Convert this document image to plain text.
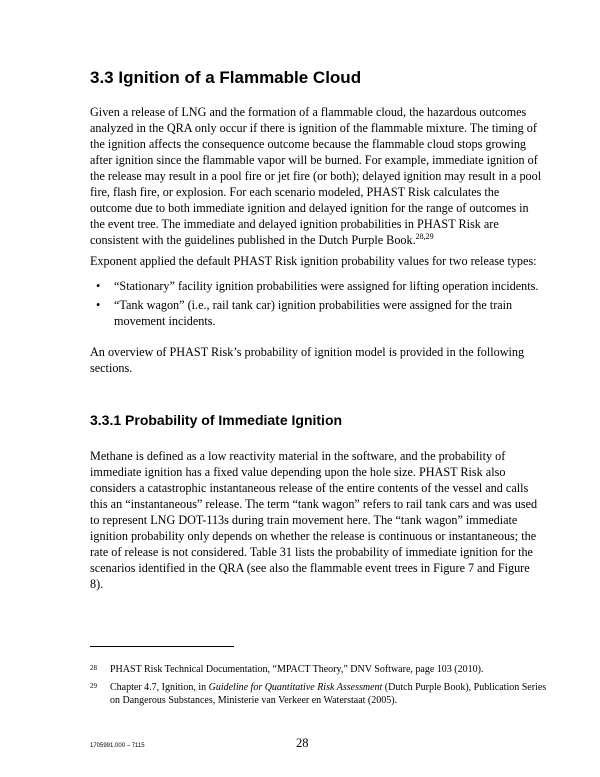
3.3 Ignition of a Flammable Cloud

Given a release of LNG and the formation of a flammable cloud, the hazardous outcomes analyzed in the QRA only occur if there is ignition of the flammable mixture. The timing of the ignition affects the consequence outcome because the flammable cloud stops growing after ignition since the flammable vapor will be burned. For example, immediate ignition of the release may result in a pool fire or jet fire (or both); delayed ignition may result in a pool fire, flash fire, or explosion. For each scenario modeled, PHAST Risk calculates the outcome due to both immediate ignition and delayed ignition for the range of outcomes in the event tree. The immediate and delayed ignition probabilities in PHAST Risk are consistent with the guidelines published in the Dutch Purple Book.$^{28,29}$

Exponent applied the default PHAST Risk ignition probability values for two release types:

• “Stationary” facility ignition probabilities were assigned for lifting operation incidents.
• “Tank wagon” (i.e., rail tank car) ignition probabilities were assigned for the train movement incidents.

An overview of PHAST Risk’s probability of ignition model is provided in the following sections.

3.3.1 Probability of Immediate Ignition

Methane is defined as a low reactivity material in the software, and the probability of immediate ignition has a fixed value depending upon the hole size. PHAST Risk also considers a catastrophic instantaneous release of the entire contents of the vessel and calls this an “instantaneous” release. The term “tank wagon” refers to rail tank cars and was used to represent LNG DOT-113s during train movement here. The “tank wagon” immediate ignition probability only depends on whether the release is continuous or instantaneous; the rate of release is not considered. Table 31 lists the probability of immediate ignition for the scenarios identified in the QRA (see also the flammable event trees in Figure 7 and Figure 8).

28	PHAST Risk Technical Documentation, “MPACT Theory,” DNV Software, page 103 (2010).
29	Chapter 4.7, Ignition, in Guideline for Quantitative Risk Assessment (Dutch Purple Book), Publication Series on Dangerous Substances, Ministerie van Verkeer en Waterstaat (2005).
1705991.000 – 7115	28
